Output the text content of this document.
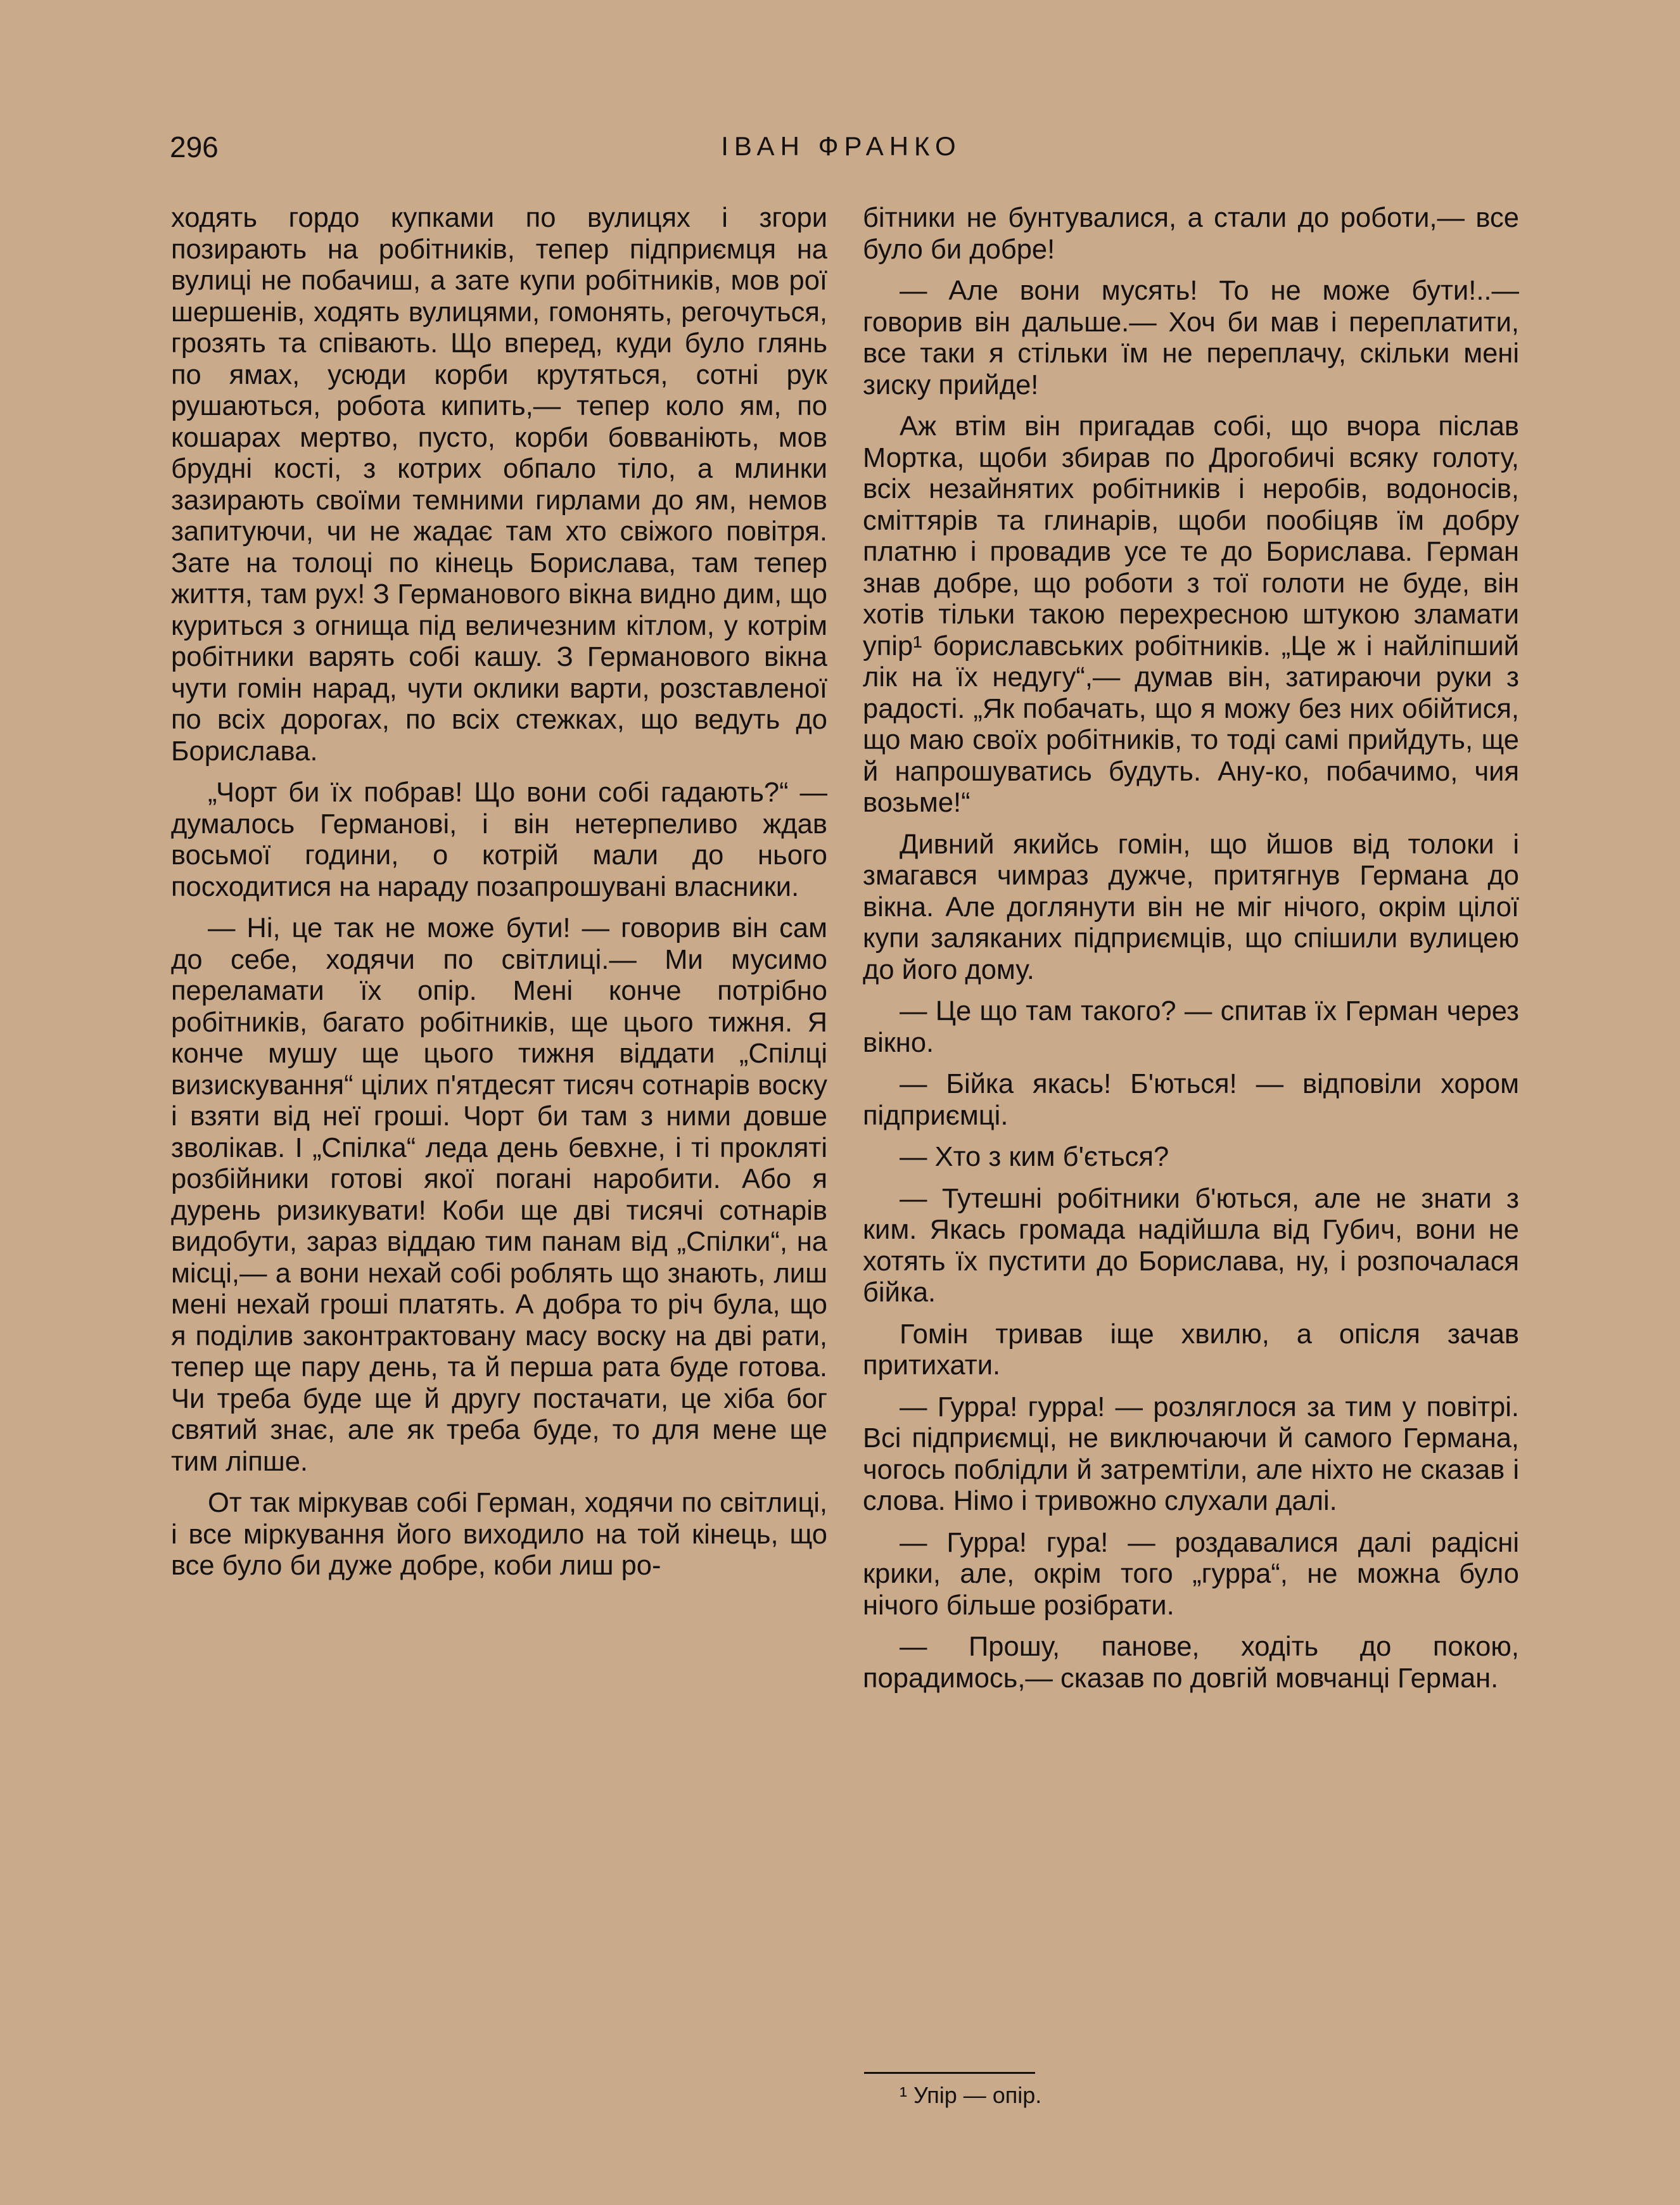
296	ІВАН ФРАНКО

ходять гордо купками по вулицях і згори позирають на робітників, тепер підприємця на вулиці не побачиш, а зате купи робітників, мов рої шершенів, ходять вулицями, гомонять, регочуться, грозять та співають. Що вперед, куди було глянь по ямах, усюди корби крутяться, сотні рук рушаються, робота кипить,— тепер коло ям, по кошарах мертво, пусто, корби бовванiють, мов брудні кості, з котрих обпало тіло, а млинки зазирають своїми темними гирлами до ям, немов запитуючи, чи не жадає там хто свіжого повітря. Зате на толоці по кінець Борислава, там тепер життя, там рух! З Германового вікна видно дим, що куриться з огнища під величезним кітлом, у котрім робітники варять собі кашу. З Германового вікна чути гомін нарад, чути оклики варти, розставленої по всіх дорогах, по всіх стежках, що ведуть до Борислава.

„Чорт би їх побрав! Що вони собі гадають?“ — думалось Германові, і він нетерпеливо ждав восьмої години, о котрій мали до нього посходитися на нараду позапрошувані власники.

— Ні, це так не може бути! — говорив він сам до себе, ходячи по світлиці.— Ми мусимо переламати їх опір. Мені конче потрібно робітників, багато робітників, ще цього тижня. Я конче мушу ще цього тижня віддати „Спілці визискування“ цілих п'ятдесят тисяч сотнарів воску і взяти від неї гроші. Чорт би там з ними довше зволікав. І „Спілка“ леда день бевхне, і ті прокляті розбійники готові якої погані наробити. Або я дурень ризикувати! Коби ще дві тисячі сотнарів видобути, зараз віддаю тим панам від „Спілки“, на місці,— а вони нехай собі роблять що знають, лиш мені нехай гроші платять. А добра то річ була, що я поділив законтрактовану масу воску на дві рати, тепер ще пару день, та й перша рата буде готова. Чи треба буде ще й другу постачати, це хіба бог святий знає, але як треба буде, то для мене ще тим ліпше.

От так міркував собі Герман, ходячи по світлиці, і все міркування його виходило на той кінець, що все було би дуже добре, коби лиш ро-

бітники не бунтувалися, а стали до роботи,— все було би добре!

— Але вони мусять! То не може бути!..— говорив він дальше.— Хоч би мав і переплатити, все таки я стільки їм не переплачу, скільки мені зиску прийде!

Аж втім він пригадав собі, що вчора післав Мортка, щоби збирав по Дрогобичі всяку голоту, всіх незайнятих робітників і неробів, водоносів, сміттярів та глинарів, щоби пообіцяв їм добру платню і провадив усе те до Борислава. Герман знав добре, що роботи з тої голоти не буде, він хотів тільки такою перехресною штукою зламати упір¹ бориславських робітників. „Це ж і найліпший лік на їх недугу“,— думав він, затираючи руки з радості. „Як побачать, що я можу без них обійтися, що маю своїх робітників, то тоді самі прийдуть, ще й напрошуватись будуть. Ану-ко, побачимо, чия возьме!“

Дивний якийсь гомін, що йшов від толоки і змагався чимраз дужче, притягнув Германа до вікна. Але доглянути він не міг нічого, окрім цілої купи заляканих підприємців, що спішили вулицею до його дому.

— Це що там такого? — спитав їх Герман через вікно.

— Бійка якась! Б'ються! — відповіли хором підприємці.

— Хто з ким б'ється?

— Тутешні робітники б'ються, але не знати з ким. Якась громада надійшла від Губич, вони не хотять їх пустити до Борислава, ну, і розпочалася бійка.

Гомін тривав іще хвилю, а опісля зачав притихати.

— Гурра! гурра! — розляглося за тим у повітрі. Всі підприємці, не виключаючи й самого Германа, чогось поблідли й затремтіли, але ніхто не сказав і слова. Німо і тривожно слухали далі.

— Гурра! гура! — роздавалися далі радісні крики, але, окрім того „гурра“, не можна було нічого більше розібрати.

— Прошу, панове, ходіть до покою, порадимось,— сказав по довгій мовчанці Герман.

¹ Упір — опір.
